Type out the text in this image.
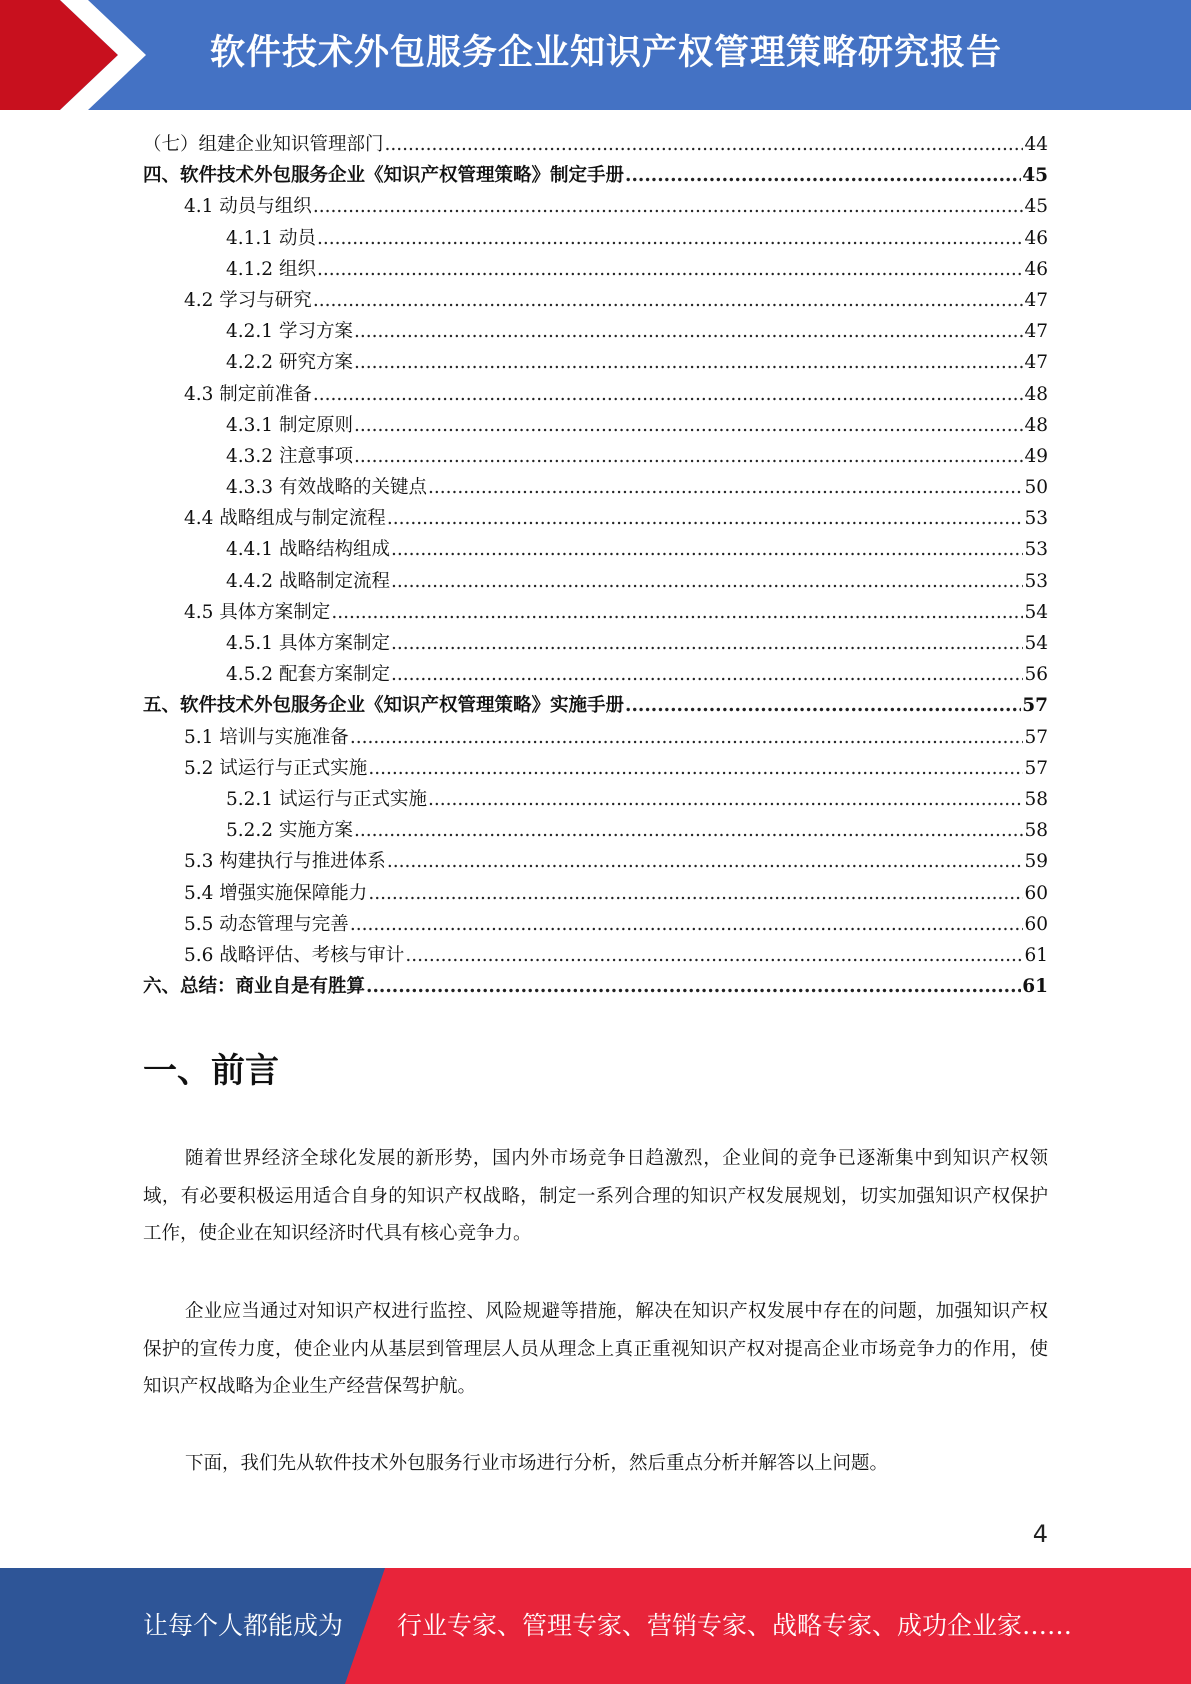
软件技术外包服务企业知识产权管理策略研究报告
（七）组建企业知识管理部门 .....	44
四、软件技术外包服务企业《知识产权管理策略》制定手册 .....	45
4.1 动员与组织 .....	45
4.1.1 动员 .....	46
4.1.2 组织 .....	46
4.2 学习与研究 .....	47
4.2.1 学习方案 .....	47
4.2.2 研究方案 .....	47
4.3 制定前准备 .....	48
4.3.1 制定原则 .....	48
4.3.2 注意事项 .....	49
4.3.3 有效战略的关键点 .....	50
4.4 战略组成与制定流程 .....	53
4.4.1 战略结构组成 .....	53
4.4.2 战略制定流程 .....	53
4.5 具体方案制定 .....	54
4.5.1 具体方案制定 .....	54
4.5.2 配套方案制定 .....	56
五、软件技术外包服务企业《知识产权管理策略》实施手册 .....	57
5.1 培训与实施准备 .....	57
5.2 试运行与正式实施 .....	57
5.2.1 试运行与正式实施 .....	58
5.2.2 实施方案 .....	58
5.3 构建执行与推进体系 .....	59
5.4 增强实施保障能力 .....	60
5.5 动态管理与完善 .....	60
5.6 战略评估、考核与审计 .....	61
六、总结：商业自是有胜算 .....	61
一、前言

随着世界经济全球化发展的新形势，国内外市场竞争日趋激烈，企业间的竞争已逐渐集中到知识产权领域，有必要积极运用适合自身的知识产权战略，制定一系列合理的知识产权发展规划，切实加强知识产权保护工作，使企业在知识经济时代具有核心竞争力。

企业应当通过对知识产权进行监控、风险规避等措施，解决在知识产权发展中存在的问题，加强知识产权保护的宣传力度，使企业内从基层到管理层人员从理念上真正重视知识产权对提高企业市场竞争力的作用，使知识产权战略为企业生产经营保驾护航。

下面，我们先从软件技术外包服务行业市场进行分析，然后重点分析并解答以上问题。

4
让每个人都能成为 行业专家、管理专家、营销专家、战略专家、成功企业家……
